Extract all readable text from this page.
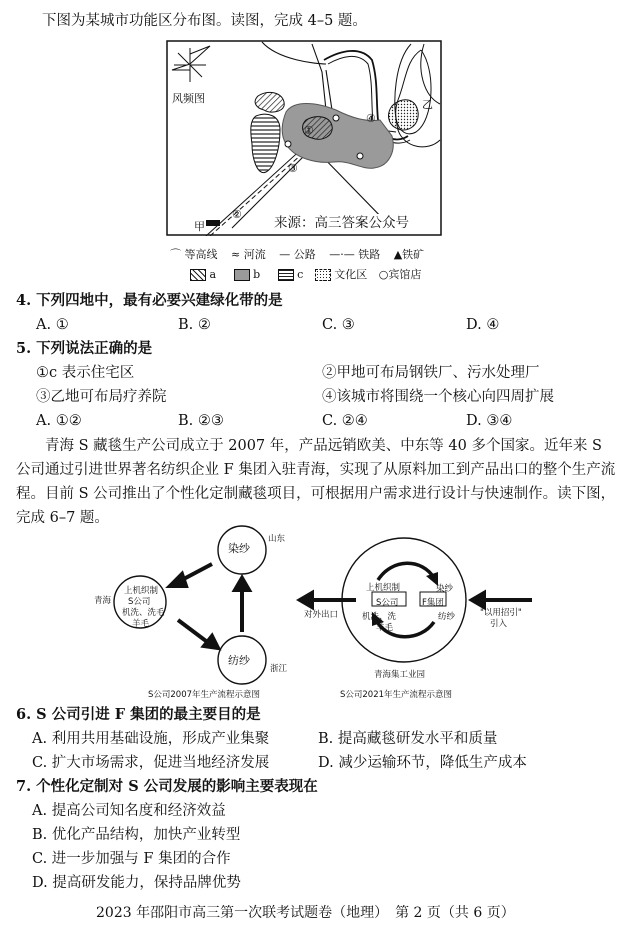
下图为某城市功能区分布图。读图，完成 4–5 题。
风频图
①
②
③
④
甲
乙
来源：高三答案公众号
⌒ 等高线 ≈ 河流 — 公路 —·— 铁路 ▲铁矿
a	b	c	文化区 ○宾馆店
4. 下列四地中，最有必要兴建绿化带的是
A. ①	B. ②	C. ③	D. ④
5. 下列说法正确的是
①c 表示住宅区	②甲地可布局钢铁厂、污水处理厂
③乙地可布局疗养院	④该城市将围绕一个核心向四周扩展
A. ①②	B. ②③	C. ②④	D. ③④
青海 S 藏毯生产公司成立于 2007 年，产品远销欧美、中东等 40 多个国家。近年来 S 公司通过引进世界著名纺织企业 F 集团入驻青海，实现了从原料加工到产品出口的整个生产流程。目前 S 公司推出了个性化定制藏毯项目，可根据用户需求进行设计与快速制作。读下图，完成 6–7 题。
染纱
山东
纺纱
浙江
青海
上机织制
S公司
机洗、洗毛
羊毛
S公司2007年生产流程示意图
上机织制
S公司
机洗、洗
羊毛
染纱
F集团
纺纱
对外出口	"以用招引"
引入
青海集工业园
S公司2021年生产流程示意图
6. S 公司引进 F 集团的最主要目的是
A. 利用共用基础设施，形成产业集聚	B. 提高藏毯研发水平和质量
C. 扩大市场需求，促进当地经济发展	D. 减少运输环节，降低生产成本
7. 个性化定制对 S 公司发展的影响主要表现在
A. 提高公司知名度和经济效益
B. 优化产品结构，加快产业转型
C. 进一步加强与 F 集团的合作
D. 提高研发能力，保持品牌优势
2023 年邵阳市高三第一次联考试题卷（地理）　第 2 页（共 6 页）
